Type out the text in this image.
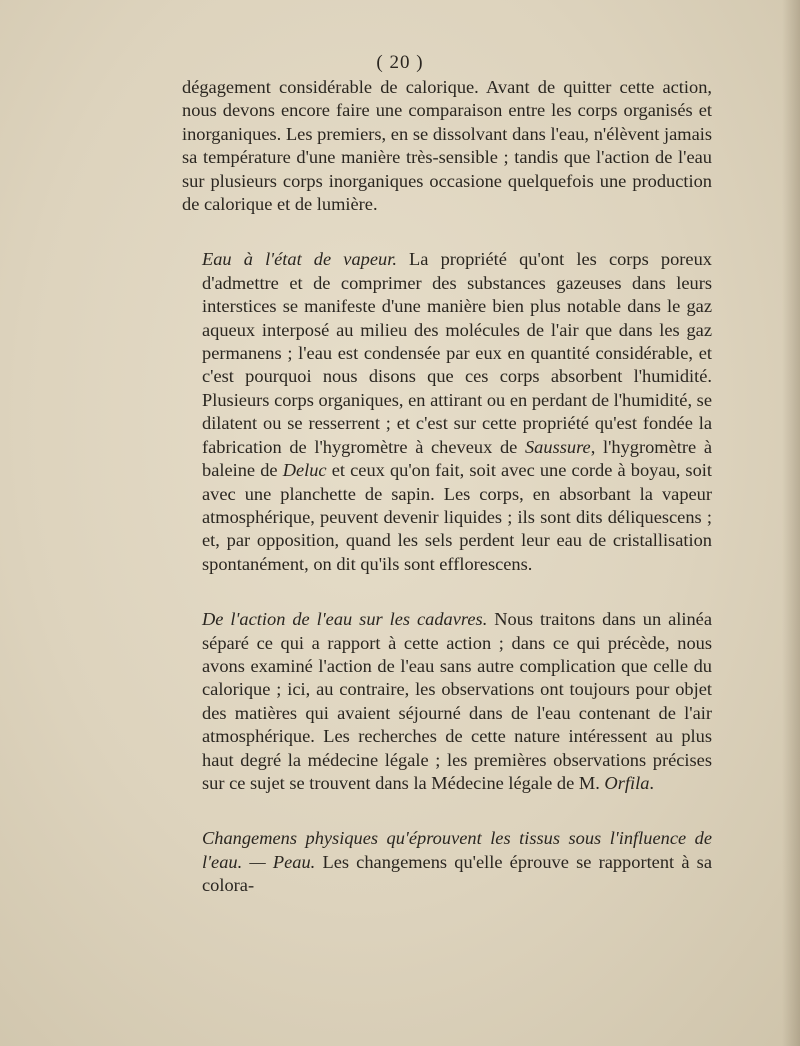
( 20 )

dégagement considérable de calorique. Avant de quitter cette action, nous devons encore faire une comparaison entre les corps organisés et inorganiques. Les premiers, en se dissolvant dans l'eau, n'élèvent jamais sa température d'une manière très-sensible ; tandis que l'action de l'eau sur plusieurs corps inorganiques occasione quelquefois une production de calorique et de lumière.

Eau à l'état de vapeur. La propriété qu'ont les corps poreux d'admettre et de comprimer des substances gazeuses dans leurs interstices se manifeste d'une manière bien plus notable dans le gaz aqueux interposé au milieu des molécules de l'air que dans les gaz permanens ; l'eau est condensée par eux en quantité considérable, et c'est pourquoi nous disons que ces corps absorbent l'humidité. Plusieurs corps organiques, en attirant ou en perdant de l'humidité, se dilatent ou se resserrent ; et c'est sur cette propriété qu'est fondée la fabrication de l'hygromètre à cheveux de Saussure, l'hygromètre à baleine de Deluc et ceux qu'on fait, soit avec une corde à boyau, soit avec une planchette de sapin. Les corps, en absorbant la vapeur atmosphérique, peuvent devenir liquides ; ils sont dits déliquescens ; et, par opposition, quand les sels perdent leur eau de cristallisation spontanément, on dit qu'ils sont efflorescens.

De l'action de l'eau sur les cadavres. Nous traitons dans un alinéa séparé ce qui a rapport à cette action ; dans ce qui précède, nous avons examiné l'action de l'eau sans autre complication que celle du calorique ; ici, au contraire, les observations ont toujours pour objet des matières qui avaient séjourné dans de l'eau contenant de l'air atmosphérique. Les recherches de cette nature intéressent au plus haut degré la médecine légale ; les premières observations précises sur ce sujet se trouvent dans la Médecine légale de M. Orfila.

Changemens physiques qu'éprouvent les tissus sous l'influence de l'eau. — Peau. Les changemens qu'elle éprouve se rapportent à sa colora-
